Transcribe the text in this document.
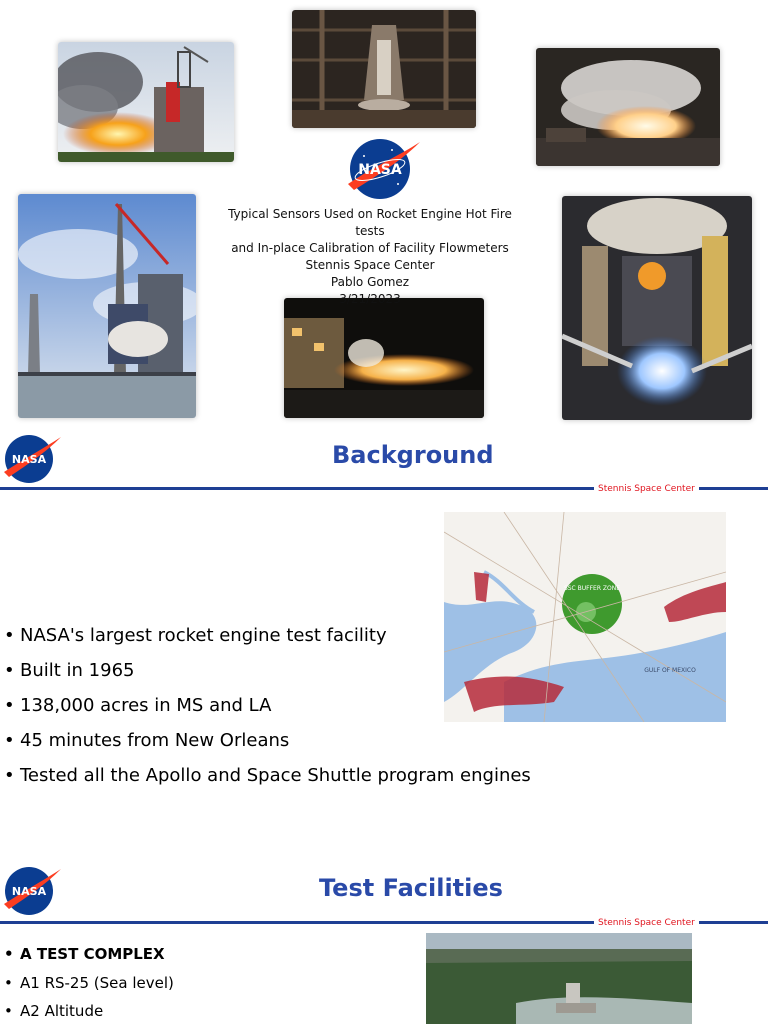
NASA
Typical Sensors Used on Rocket Engine Hot Fire tests
and In-place Calibration of Facility Flowmeters
Stennis Space Center
Pablo Gomez
3/21/2023
NASA	Background
Stennis Space Center
SSC BUFFER ZONE
GULF OF MEXICO
• NASA's largest rocket engine test facility
• Built in 1965
• 138,000 acres in MS and LA
• 45 minutes from New Orleans
• Tested all the Apollo and Space Shuttle program engines
NASA	Test Facilities
Stennis Space Center
• A TEST COMPLEX
• A1 RS-25 (Sea level)
• A2 Altitude
